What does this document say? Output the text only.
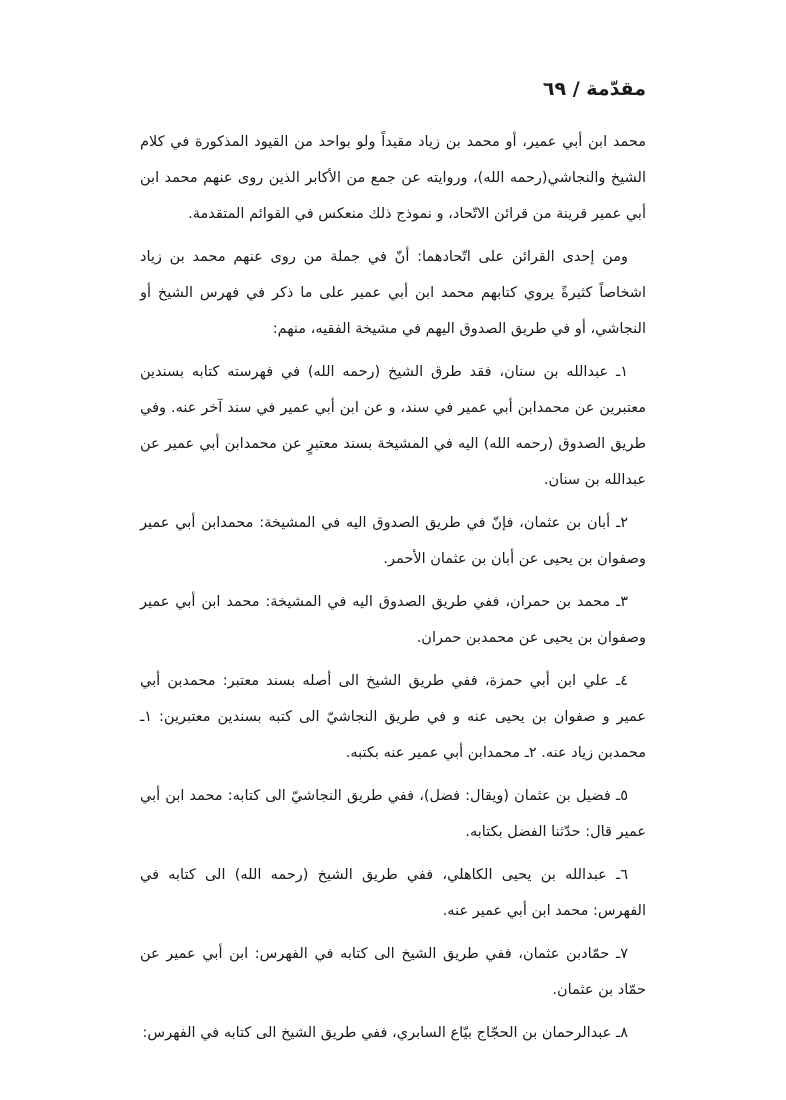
مقدّمة / ٦٩

محمد ابن أبي عمير، أو محمد بن زياد مقيداً ولو بواحد من القيود المذكورة في كلام الشيخ والنجاشي(رحمه الله)، وروايته عن جمع من الأكابر الذين روى عنهم محمد ابن أبي عمير قرينة من قرائن الاتّحاد، و نموذج ذلك منعكس في القوائم المتقدمة.

ومن إحدى القرائن على اتّحادهما: أنّ في جملة من روى عنهم محمد بن زياد اشخاصاً كثيرةً يروي كتابهم محمد ابن أبي عمير على ما ذكر في فهرس الشيخ أو النجاشي، أو في طريق الصدوق اليهم في مشيخة الفقيه، منهم:

١ـ عبدالله بن سنان، فقد طرق الشيخ (رحمه الله) في فهرسته كتابه بسندين معتبرين عن محمدابن أبي عمير في سند، و عن ابن أبي عمير في سند آخر عنه. وفي طريق الصدوق (رحمه الله) اليه في المشيخة بسند معتبرٍ عن محمدابن أبي عمير عن عبدالله بن سنان.

٢ـ أبان بن عثمان، فإنّ في طريق الصدوق اليه في المشيخة: محمدابن أبي عمير وصفوان بن يحيى عن أبان بن عثمان الأحمر.

٣ـ محمد بن حمران، ففي طريق الصدوق اليه في المشيخة: محمد ابن أبي عمير وصفوان بن يحيى عن محمدبن حمران.

٤ـ علي ابن أبي حمزة، ففي طريق الشيخ الى أصله بسند معتبر: محمدبن أبي عمير و صفوان بن يحيى عنه و في طريق النجاشيّ الى كتبه بسندين معتبرين: ١ـ محمدبن زياد عنه. ٢ـ محمدابن أبي عمير عنه بكتبه.

٥ـ فضيل بن عثمان (ويقال: فضل)، ففي طريق النجاشيّ الى كتابه: محمد ابن أبي عمير قال: حدّثنا الفضل بكتابه.

٦ـ عبدالله بن يحيى الكاهلي، ففي طريق الشيخ (رحمه الله) الى كتابه في الفهرس: محمد ابن أبي عمير عنه.

٧ـ حمّادبن عثمان، ففي طريق الشيخ الى كتابه في الفهرس: ابن أبي عمير عن حمّاد بن عثمان.

٨ـ عبدالرحمان بن الحجّاج بيّاع السابري، ففي طريق الشيخ الى كتابه في الفهرس:
